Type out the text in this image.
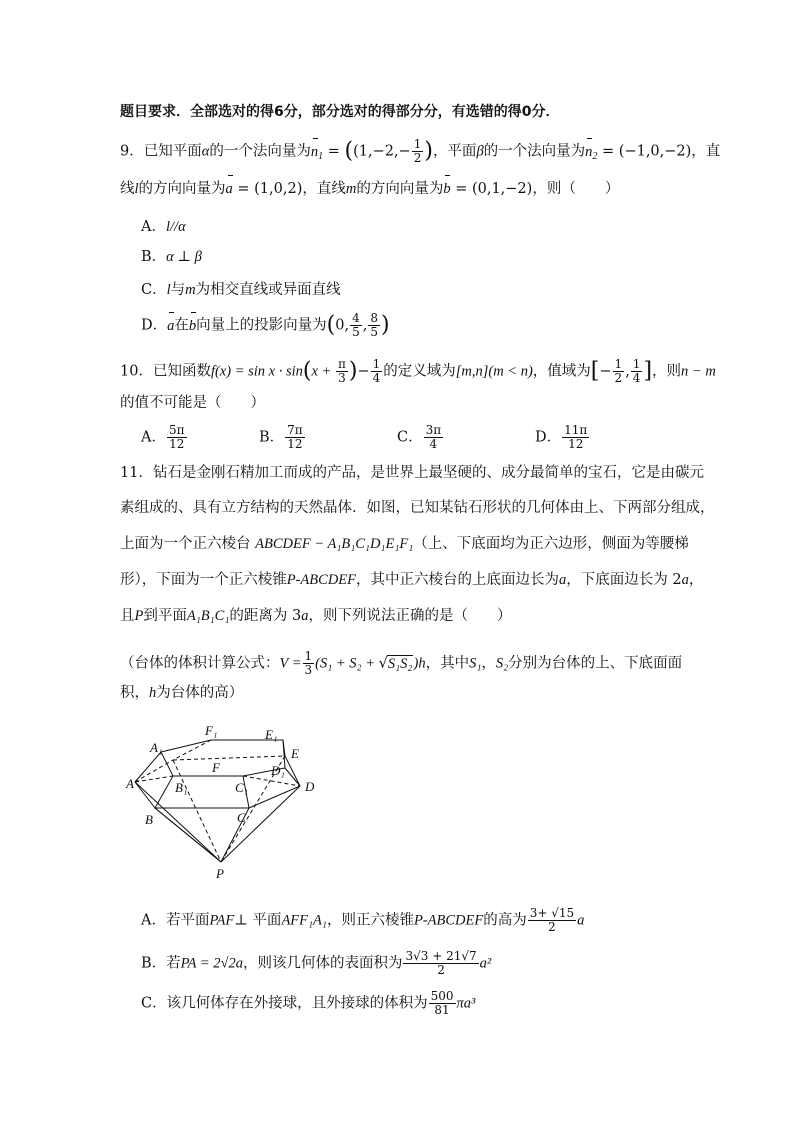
题目要求．全部选对的得6分，部分选对的得部分分，有选错的得0分．
9．已知平面α的一个法向量为$n_1 = ((1,-2,- \frac{1}{2}$ )，平面β的一个法向量为$n_2 = (-1,0,-2)$，直
线l的方向向量为a = (1,0,2)，直线m的方向向量为b = (0,1,−2)，则（　　）
A．l//α
B．α ⊥ β
C．l与m为相交直线或异面直线
D．a在b向量上的投影向量为(0, $\frac{4}{5}$ , $\frac{8}{5}$ )
10．已知函数$f(x) = \sin x \cdot \sin(x + \frac{\pi}{3}$ )− $\frac{1}{4}$ 的定义域为[m,n](m < n)，值域为[− $\frac{1}{2}$ , $\frac{1}{4}$ ]，则n − m
的值不可能是（　　）
A． $\frac{5\pi}{12}$	B． $\frac{7\pi}{12}$	C． $\frac{3\pi}{4}$	D． $\frac{11\pi}{12}$
11．钻石是金刚石精加工而成的产品，是世界上最坚硬的、成分最简单的宝石，它是由碳元
素组成的、具有立方结构的天然晶体．如图，已知某钻石形状的几何体由上、下两部分组成，
上面为一个正六棱台 ABCDEF − A₁B₁C₁D₁E₁F₁（上、下底面均为正六边形，侧面为等腰梯
形），下面为一个正六棱锥P-ABCDEF，其中正六棱台的上底面边长为a，下底面边长为 2a，
且P到平面A₁B₁C₁的距离为 3a，则下列说法正确的是（　　）
（台体的体积计算公式：$V = \frac{1}{3} (S_1 + S_2 + √S_1S_2)h$，其中S₁，S₂分别为台体的上、下底面面
积，h为台体的高）
A₁
F₁	E₁
E
A
F	D₁
B₁	C₁	D
B	C
P
A．若平面PAF⊥ 平面AFF₁A₁，则正六棱锥P-ABCDEF的高为 $\frac{3+ √15}{2}$ a
B．若PA = 2√2a，则该几何体的表面积为 $\frac{3√3 + 21√7}{2} a^2$
C．该几何体存在外接球，且外接球的体积为 $\frac{500}{81} \pi a^3$
